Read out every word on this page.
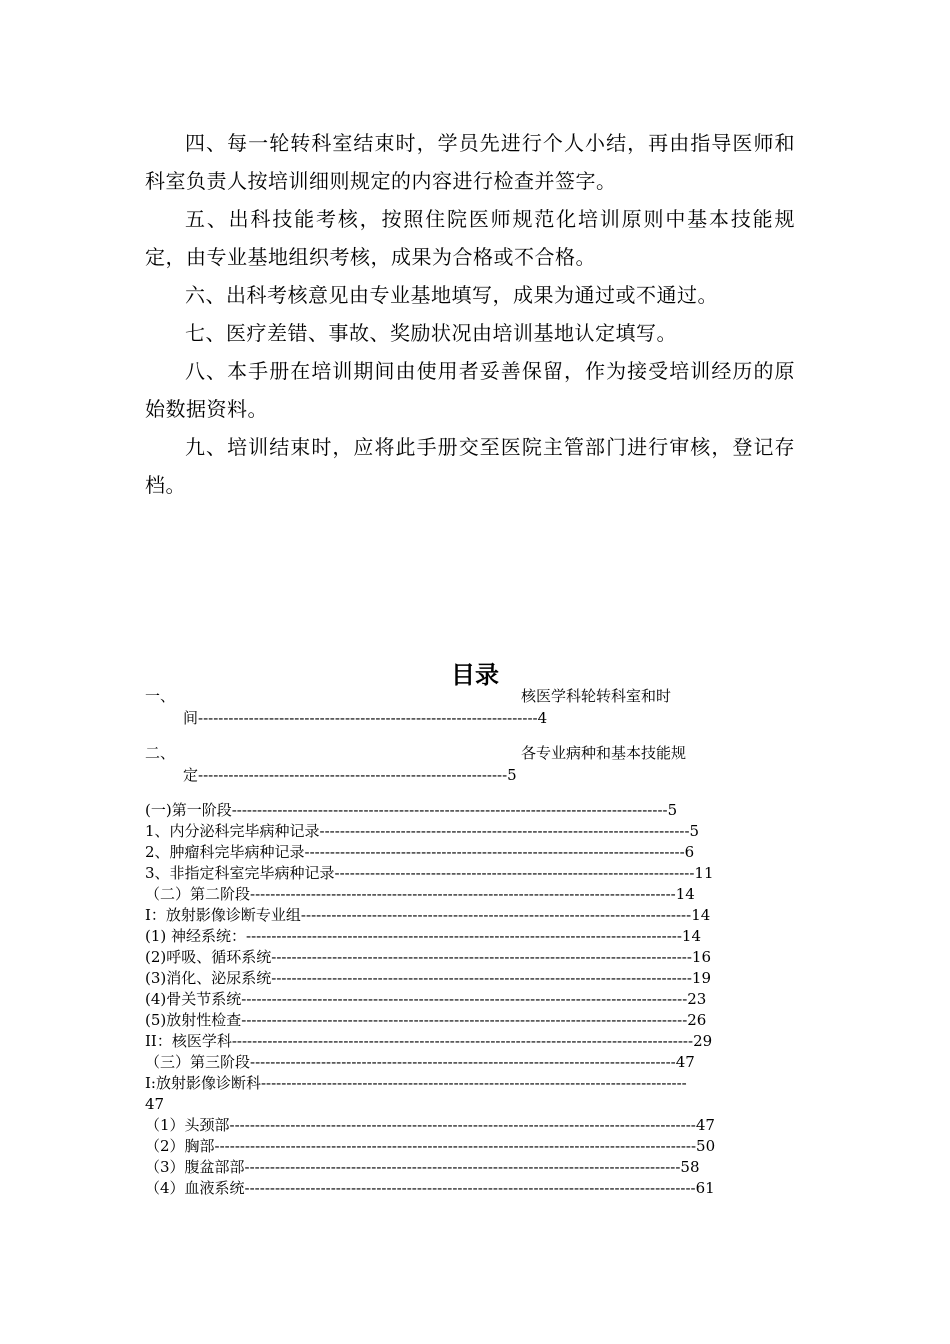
四、每一轮转科室结束时，学员先进行个人小结，再由指导医师和科室负责人按培训细则规定的内容进行检查并签字。

五、出科技能考核，按照住院医师规范化培训原则中基本技能规定，由专业基地组织考核，成果为合格或不合格。

六、出科考核意见由专业基地填写，成果为通过或不通过。

七、医疗差错、事故、奖励状况由培训基地认定填写。

八、本手册在培训期间由使用者妥善保留，作为接受培训经历的原始数据资料。

九、培训结束时，应将此手册交至医院主管部门进行审核，登记存档。

目录
一、	核医学科轮转科室和时
间-------------------------------------------------------------------4
二、	各专业病种和基本技能规
定-------------------------------------------------------------5
(一)第一阶段--------------------------------------------------------------------------------------5
1、内分泌科完毕病种记录-------------------------------------------------------------------------5
2、肿瘤科完毕病种记录---------------------------------------------------------------------------6
3、非指定科室完毕病种记录-----------------------------------------------------------------------11
（二）第二阶段------------------------------------------------------------------------------------14
I：放射影像诊断专业组-----------------------------------------------------------------------------14
(1) 神经系统：--------------------------------------------------------------------------------------14
(2)呼吸、循环系统-----------------------------------------------------------------------------------16
(3)消化、泌尿系统-----------------------------------------------------------------------------------19
(4)骨关节系统----------------------------------------------------------------------------------------23
(5)放射性检查----------------------------------------------------------------------------------------26
II：核医学科-------------------------------------------------------------------------------------------29
（三）第三阶段------------------------------------------------------------------------------------47
I:放射影像诊断科------------------------------------------------------------------------------------
47
（1）头颈部--------------------------------------------------------------------------------------------47
（2）胸部-----------------------------------------------------------------------------------------------50
（3）腹盆部部--------------------------------------------------------------------------------------58
（4）血液系统-----------------------------------------------------------------------------------------61
